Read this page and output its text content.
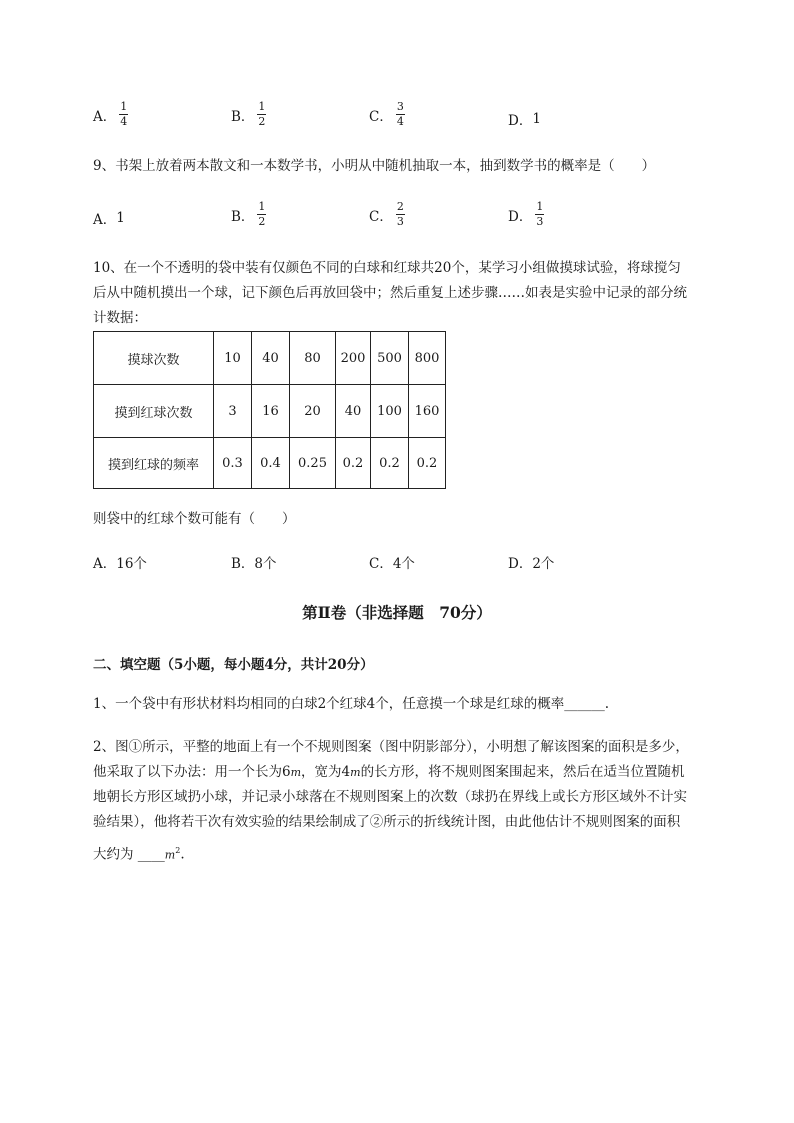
A． $\frac{1}{4}$	B． $\frac{1}{2}$	C． $\frac{3}{4}$	D． 1
9、书架上放着两本散文和一本数学书，小明从中随机抽取一本，抽到数学书的概率是（　　）
A． 1	B． $\frac{1}{2}$	C． $\frac{2}{3}$	D． $\frac{1}{3}$
10、在一个不透明的袋中装有仅颜色不同的白球和红球共20个，某学习小组做摸球试验，将球搅匀
后从中随机摸出一个球，记下颜色后再放回袋中；然后重复上述步骤……如表是实验中记录的部分统
计数据：
摸球次数	10	40	80	200	500	800
摸到红球次数	3	16	20	40	100	160
摸到红球的频率	0.3	0.4	0.25	0.2	0.2	0.2
则袋中的红球个数可能有（　　）
A． 16个	B． 8个	C． 4个	D． 2个
第Ⅱ卷（非选择题　70分）
二、填空题（5小题，每小题4分，共计20分）
1、一个袋中有形状材料均相同的白球2个红球4个，任意摸一个球是红球的概率______.
2、图①所示，平整的地面上有一个不规则图案（图中阴影部分），小明想了解该图案的面积是多少，
他采取了以下办法：用一个长为6m，宽为4m的长方形，将不规则图案围起来，然后在适当位置随机
地朝长方形区域扔小球，并记录小球落在不规则图案上的次数（球扔在界线上或长方形区域外不计实
验结果），他将若干次有效实验的结果绘制成了②所示的折线统计图，由此他估计不规则图案的面积
大约为 $\_\_\_\_m^2$.
